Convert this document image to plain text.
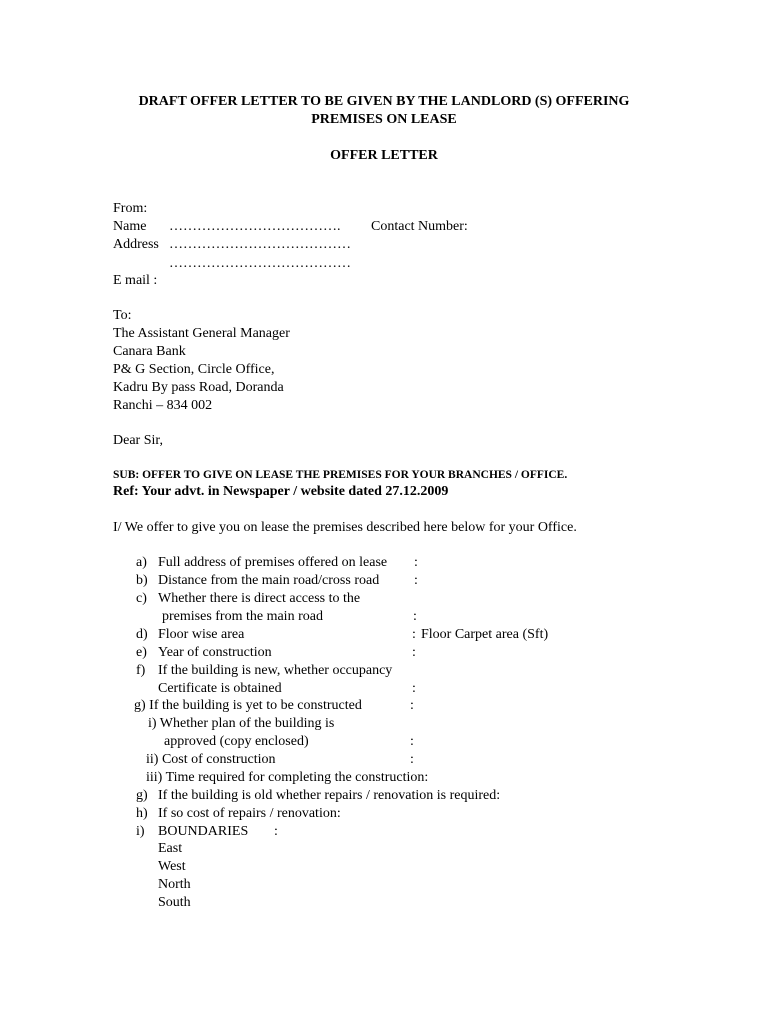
DRAFT OFFER LETTER TO BE GIVEN BY THE LANDLORD (S) OFFERING
PREMISES ON LEASE
OFFER LETTER
From:
Name ………………………………. Contact Number:
Address …………………………………
…………………………………
E mail :
To:
The Assistant General Manager
Canara Bank
P& G Section, Circle Office,
Kadru By pass Road, Doranda
Ranchi – 834 002
Dear Sir,
SUB: OFFER TO GIVE ON LEASE THE PREMISES FOR YOUR BRANCHES / OFFICE.
Ref: Your advt. in Newspaper / website dated 27.12.2009
I/ We offer to give you on lease the premises described here below for your Office.
a) Full address of premises offered on lease :
b) Distance from the main road/cross road :
c) Whether there is direct access to the
premises from the main road	:
d) Floor wise area	: Floor Carpet area (Sft)
e) Year of construction	:
f) If the building is new, whether occupancy
Certificate is obtained	:
g) If the building is yet to be constructed	:
i) Whether plan of the building is
approved (copy enclosed)	:
ii) Cost of construction	:
iii) Time required for completing the construction:
g) If the building is old whether repairs / renovation is required:
h) If so cost of repairs / renovation:
i) BOUNDARIES :
East
West
North
South
